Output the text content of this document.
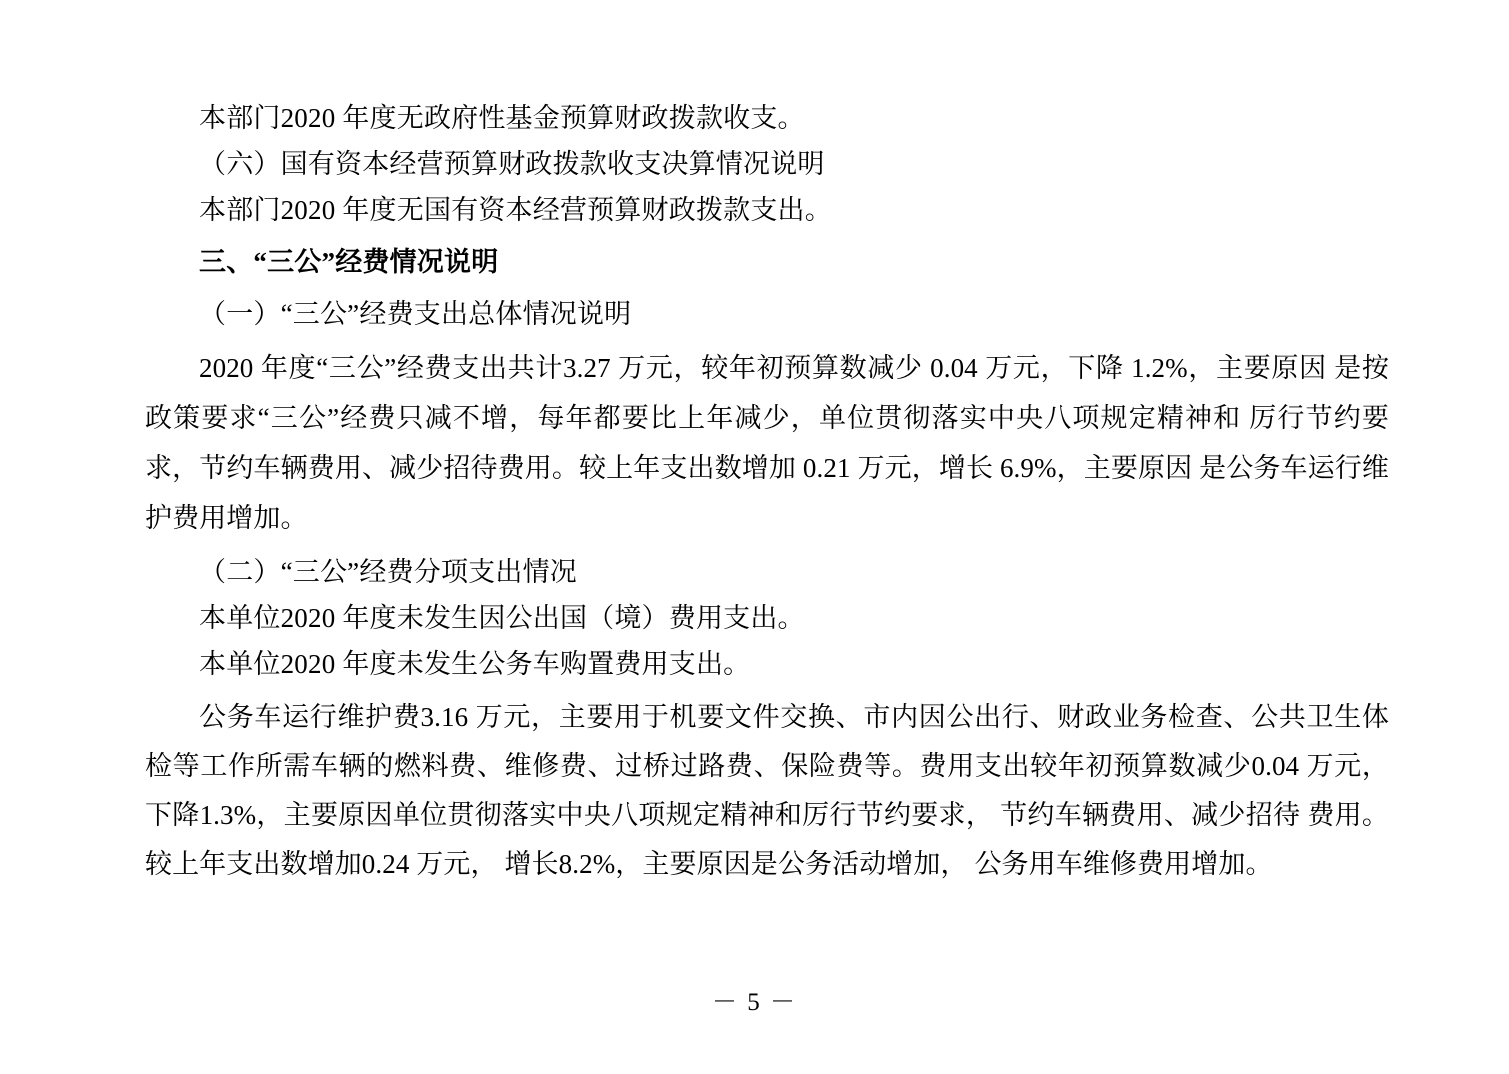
本部门2020 年度无政府性基金预算财政拨款收支。
（六）国有资本经营预算财政拨款收支决算情况说明
本部门2020 年度无国有资本经营预算财政拨款支出。
三、“三公”经费情况说明
（一）“三公”经费支出总体情况说明

2020 年度“三公”经费支出共计3.27 万元，较年初预算数减少 0.04 万元，下降 1.2%，主要原因 是按政策要求“三公”经费只减不增，每年都要比上年减少，单位贯彻落实中央八项规定精神和 厉行节约要求，节约车辆费用、减少招待费用。较上年支出数增加 0.21 万元，增长 6.9%，主要原因 是公务车运行维护费用增加。

（二）“三公”经费分项支出情况
本单位2020 年度未发生因公出国（境）费用支出。
本单位2020 年度未发生公务车购置费用支出。

公务车运行维护费3.16 万元，主要用于机要文件交换、市内因公出行、财政业务检查、公共卫生体检等工作所需车辆的燃料费、维修费、过桥过路费、保险费等。费用支出较年初预算数减少0.04 万元，下降1.3%，主要原因单位贯彻落实中央八项规定精神和厉行节约要求， 节约车辆费用、减少招待 费用。较上年支出数增加0.24 万元， 增长8.2%，主要原因是公务活动增加， 公务用车维修费用增加。

－ 5 －
